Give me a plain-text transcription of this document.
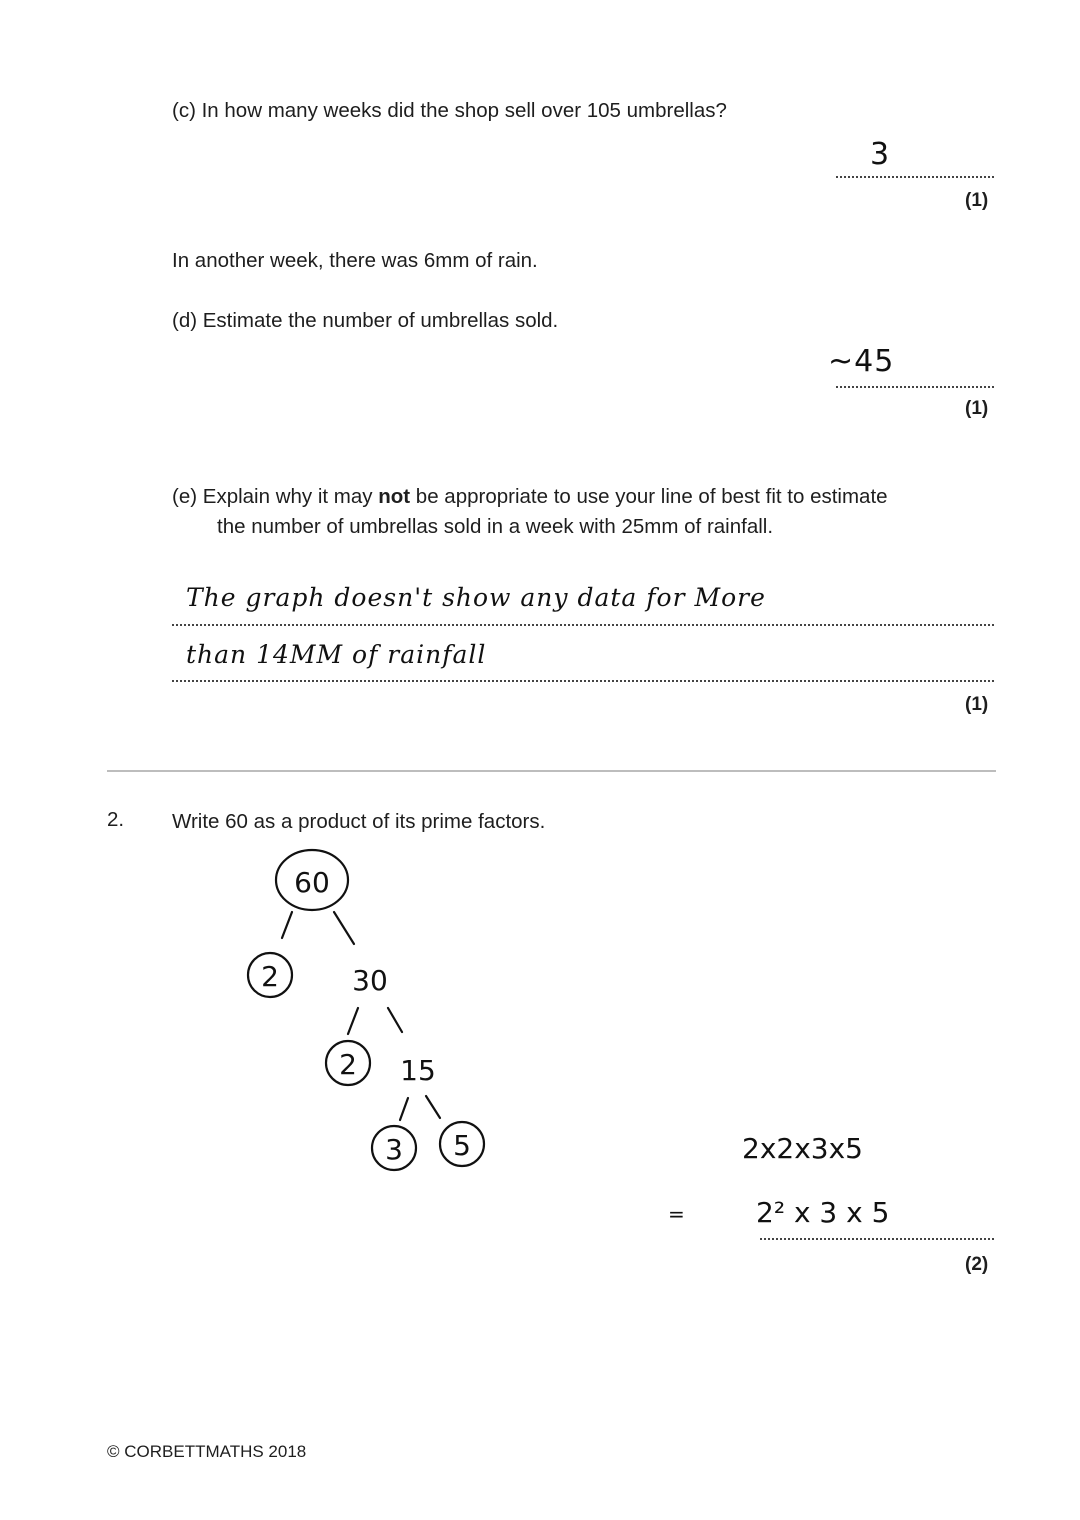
(c) In how many weeks did the shop sell over 105 umbrellas?
3
(1)
In another week, there was 6mm of rain.
(d) Estimate the number of umbrellas sold.
~45
(1)
(e) Explain why it may not be appropriate to use your line of best fit to estimate
the number of umbrellas sold in a week with 25mm of rainfall.
The graph doesn't show any data for More
than 14MM of rainfall
(1)
2. Write 60 as a product of its prime factors.
60
2	30
2 15
3 5	2x2x3x5
=	2² x 3 x 5
(2)
© CORBETTMATHS 2018
